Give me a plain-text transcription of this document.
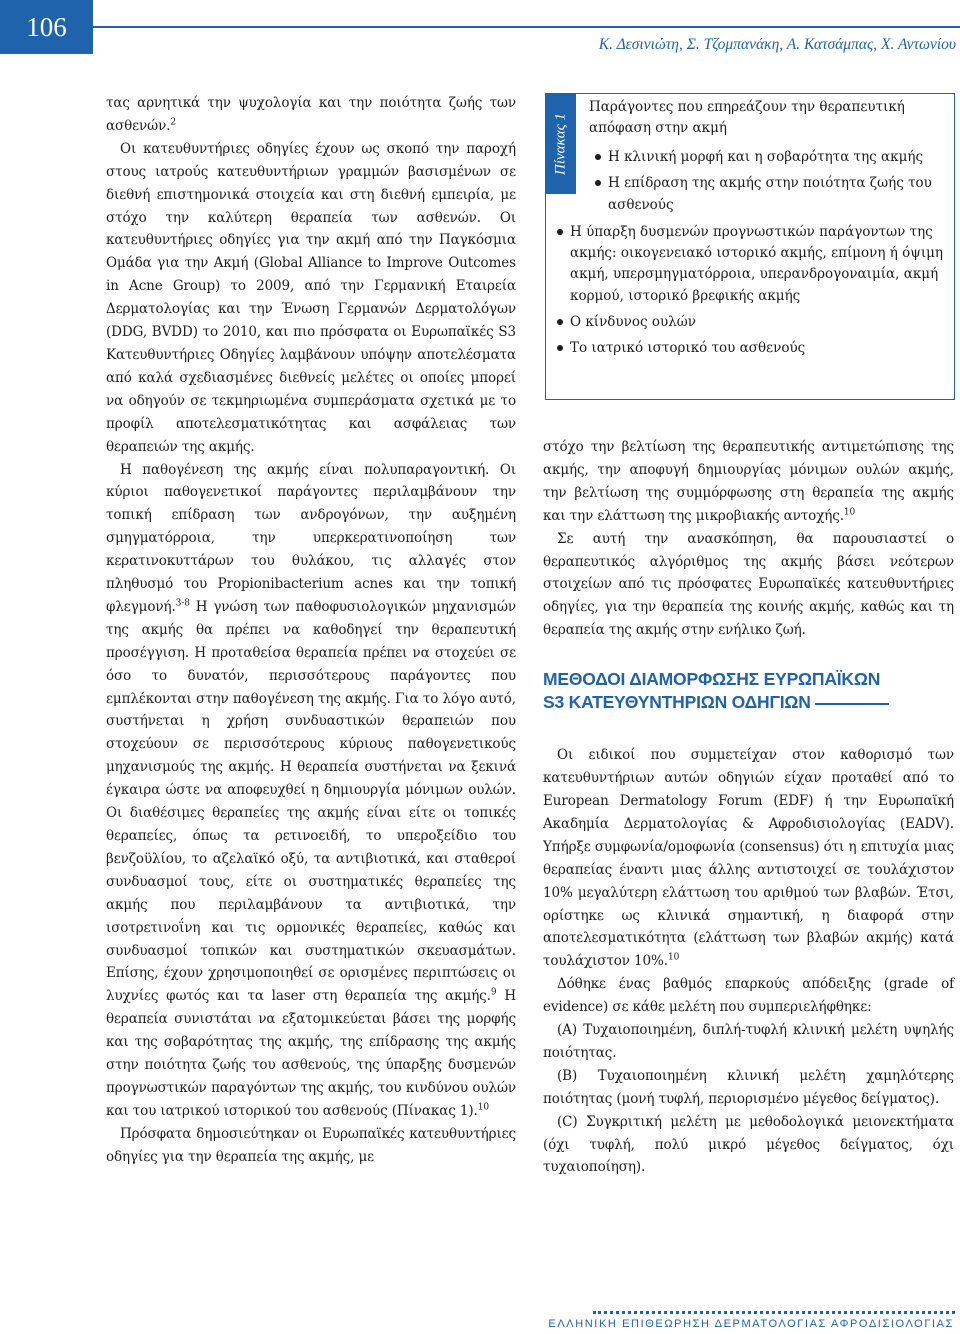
106
Κ. Δεσινιώτη, Σ. Τζομπανάκη, Α. Κατσάμπας, Χ. Αντωνίου

τας αρνητικά την ψυχολογία και την ποιότητα ζωής των ασθενών.$^2$

Οι κατευθυντήριες οδηγίες έχουν ως σκοπό την παροχή στους ιατρούς κατευθυντήριων γραμμών βασισμένων σε διεθνή επιστημονικά στοιχεία και στη διεθνή εμπειρία, με στόχο την καλύτερη θεραπεία των ασθενών. Οι κατευθυντήριες οδηγίες για την ακμή από την Παγκόσμια Ομάδα για την Ακμή (Global Alliance to Improve Outcomes in Acne Group) το 2009, από την Γερμανική Εταιρεία Δερματολογίας και την Ένωση Γερμανών Δερματολόγων (DDG, BVDD) το 2010, και πιο πρόσφατα οι Ευρωπαϊκές S3 Κατευθυντήριες Οδηγίες λαμβάνουν υπόψην αποτελέσματα από καλά σχεδιασμένες διεθνείς μελέτες οι οποίες μπορεί να οδηγούν σε τεκμηριωμένα συμπεράσματα σχετικά με το προφίλ αποτελεσματικότητας και ασφάλειας των θεραπειών της ακμής.

Η παθογένεση της ακμής είναι πολυπαραγοντική. Οι κύριοι παθογενετικοί παράγοντες περιλαμβάνουν την τοπική επίδραση των ανδρογόνων, την αυξημένη σμηγματόρροια, την υπερκερατινοποίηση των κερατινοκυττάρων του θυλάκου, τις αλλαγές στον πληθυσμό του Propionibacterium acnes και την τοπική φλεγμονή.$^{3-8}$ Η γνώση των παθοφυσιολογικών μηχανισμών της ακμής θα πρέπει να καθοδηγεί την θεραπευτική προσέγγιση. Η προταθείσα θεραπεία πρέπει να στοχεύει σε όσο το δυνατόν, περισσότερους παράγοντες που εμπλέκονται στην παθογένεση της ακμής. Για το λόγο αυτό, συστήνεται η χρήση συνδυαστικών θεραπειών που στοχεύουν σε περισσότερους κύριους παθογενετικούς μηχανισμούς της ακμής. Η θεραπεία συστήνεται να ξεκινά έγκαιρα ώστε να αποφευχθεί η δημιουργία μόνιμων ουλών. Οι διαθέσιμες θεραπείες της ακμής είναι είτε οι τοπικές θεραπείες, όπως τα ρετινοειδή, το υπεροξείδιο του βενζοϋλίου, το αζελαϊκό οξύ, τα αντιβιοτικά, και σταθεροί συνδυασμοί τους, είτε οι συστηματικές θεραπείες της ακμής που περιλαμβάνουν τα αντιβιοτικά, την ισοτρετινοΐνη και τις ορμονικές θεραπείες, καθώς και συνδυασμοί τοπικών και συστηματικών σκευασμάτων. Επίσης, έχουν χρησιμοποιηθεί σε ορισμένες περιπτώσεις οι λυχνίες φωτός και τα laser στη θεραπεία της ακμής.$^9$ Η θεραπεία συνιστάται να εξατομικεύεται βάσει της μορφής και της σοβαρότητας της ακμής, της επίδρασης της ακμής στην ποιότητα ζωής του ασθενούς, της ύπαρξης δυσμενών προγνωστικών παραγόντων της ακμής, του κινδύνου ουλών και του ιατρικού ιστορικού του ασθενούς (Πίνακας 1).$^{10}$

Πρόσφατα δημοσιεύτηκαν οι Ευρωπαϊκές κατευθυντήριες οδηγίες για την θεραπεία της ακμής, με

Πίνακας 1
Παράγοντες που επηρεάζουν την θεραπευτική απόφαση στην ακμή
Η κλινική μορφή και η σοβαρότητα της ακμής
Η επίδραση της ακμής στην ποιότητα ζωής του ασθενούς
Η ύπαρξη δυσμενών προγνωστικών παράγοντων της ακμής: οικογενειακό ιστορικό ακμής, επίμονη ή όψιμη ακμή, υπερσμηγματόρροια, υπερανδρογοναιμία, ακμή κορμού, ιστορικό βρεφικής ακμής
Ο κίνδυνος ουλών
Το ιατρικό ιστορικό του ασθενούς

στόχο την βελτίωση της θεραπευτικής αντιμετώπισης της ακμής, την αποφυγή δημιουργίας μόνιμων ουλών ακμής, την βελτίωση της συμμόρφωσης στη θεραπεία της ακμής και την ελάττωση της μικροβιακής αντοχής.$^{10}$

Σε αυτή την ανασκόπηση, θα παρουσιαστεί ο θεραπευτικός αλγόριθμος της ακμής βάσει νεότερων στοιχείων από τις πρόσφατες Ευρωπαϊκές κατευθυντήριες οδηγίες, για την θεραπεία της κοινής ακμής, καθώς και τη θεραπεία της ακμής στην ενήλικο ζωή.

ΜΕΘΟΔΟΙ ΔΙΑΜΟΡΦΩΣΗΣ ΕΥΡΩΠΑΪΚΩΝ
S3 ΚΑΤΕΥΘΥΝΤΗΡΙΩΝ ΟΔΗΓΙΩΝ

Οι ειδικοί που συμμετείχαν στον καθορισμό των κατευθυντήριων αυτών οδηγιών είχαν προταθεί από το European Dermatology Forum (EDF) ή την Ευρωπαϊκή Ακαδημία Δερματολογίας & Αφροδισιολογίας (EADV). Υπήρξε συμφωνία/ομοφωνία (consensus) ότι η επιτυχία μιας θεραπείας έναντι μιας άλλης αντιστοιχεί σε τουλάχιστον 10% μεγαλύτερη ελάττωση του αριθμού των βλαβών. Έτσι, ορίστηκε ως κλινικά σημαντική, η διαφορά στην αποτελεσματικότητα (ελάττωση των βλαβών ακμής) κατά τουλάχιστον 10%.$^{10}$

Δόθηκε ένας βαθμός επαρκούς απόδειξης (grade of evidence) σε κάθε μελέτη που συμπεριελήφθηκε:

(Α) Τυχαιοποιημένη, διπλή-τυφλή κλινική μελέτη υψηλής ποιότητας.

(Β) Τυχαιοποιημένη κλινική μελέτη χαμηλότερης ποιότητας (μονή τυφλή, περιορισμένο μέγεθος δείγματος).

(C) Συγκριτική μελέτη με μεθοδολογικά μειονεκτήματα (όχι τυφλή, πολύ μικρό μέγεθος δείγματος, όχι τυχαιοποίηση).

ΕΛΛΗΝΙΚΗ ΕΠΙΘΕΩΡΗΣΗ ΔΕΡΜΑΤΟΛΟΓΙΑΣ ΑΦΡΟΔΙΣΙΟΛΟΓΙΑΣ
